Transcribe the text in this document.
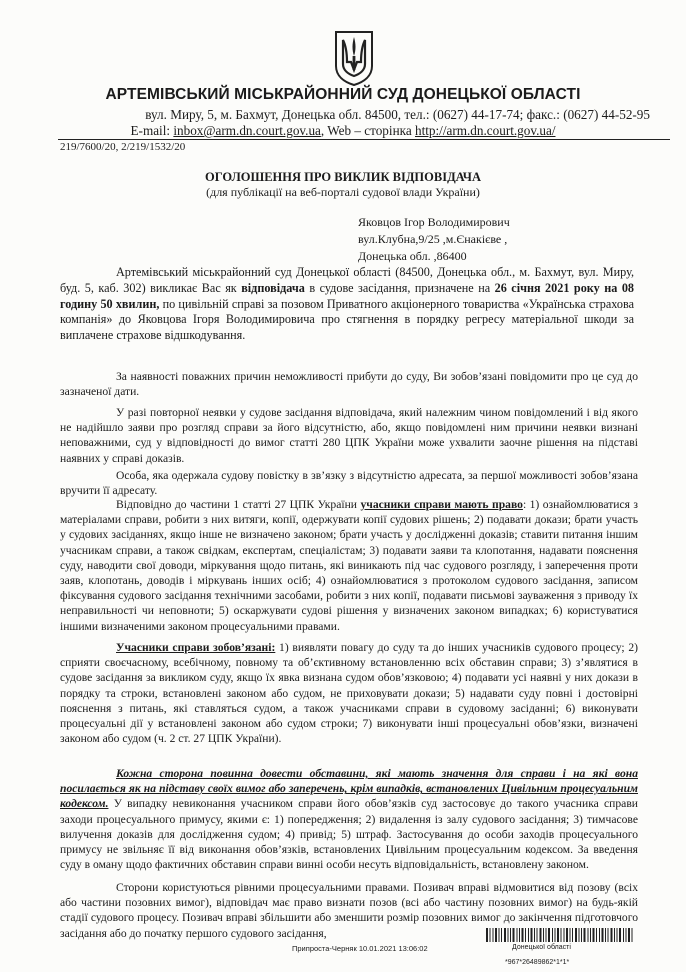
АРТЕМІВСЬКИЙ МІСЬКРАЙОННИЙ СУД ДОНЕЦЬКОЇ ОБЛАСТІ
вул. Миру, 5, м. Бахмут, Донецька обл. 84500, тел.: (0627) 44-17-74; факс.: (0627) 44-52-95
E-mail: inbox@arm.dn.court.gov.ua, Web – сторінка http://arm.dn.court.gov.ua/
219/7600/20, 2/219/1532/20
ОГОЛОШЕННЯ ПРО ВИКЛИК ВІДПОВІДАЧА
(для публікації на веб-порталі судової влади України)
Яковцов Ігор Володимирович
вул.Клубна,9/25 ,м.Єнакієве ,
Донецька обл. ,86400

Артемівський міськрайонний суд Донецької області (84500, Донецька обл., м. Бахмут, вул. Миру, буд. 5, каб. 302) викликає Вас як відповідача в судове засідання, призначене на 26 січня 2021 року на 08 годину 50 хвилин, по цивільній справі за позовом Приватного акціонерного товариства «Українська страхова компанія» до Яковцова Ігоря Володимировича про стягнення в порядку регресу матеріальної шкоди за виплачене страхове відшкодування.

За наявності поважних причин неможливості прибути до суду, Ви зобов’язані повідомити про це суд до зазначеної дати.

У разі повторної неявки у судове засідання відповідача, який належним чином повідомлений і від якого не надійшло заяви про розгляд справи за його відсутністю, або, якщо повідомлені ним причини неявки визнані неповажними, суд у відповідності до вимог статті 280 ЦПК України може ухвалити заочне рішення на підставі наявних у справі доказів.

Особа, яка одержала судову повістку в зв’язку з відсутністю адресата, за першої можливості зобов’язана вручити її адресату.

Відповідно до частини 1 статті 27 ЦПК України учасники справи мають право: 1) ознайомлюватися з матеріалами справи, робити з них витяги, копії, одержувати копії судових рішень; 2) подавати докази; брати участь у судових засіданнях, якщо інше не визначено законом; брати участь у дослідженні доказів; ставити питання іншим учасникам справи, а також свідкам, експертам, спеціалістам; 3) подавати заяви та клопотання, надавати пояснення суду, наводити свої доводи, міркування щодо питань, які виникають під час судового розгляду, і заперечення проти заяв, клопотань, доводів і міркувань інших осіб; 4) ознайомлюватися з протоколом судового засідання, записом фіксування судового засідання технічними засобами, робити з них копії, подавати письмові зауваження з приводу їх неправильності чи неповноти; 5) оскаржувати судові рішення у визначених законом випадках; 6) користуватися іншими визначеними законом процесуальними правами.

Учасники справи зобов’язані: 1) виявляти повагу до суду та до інших учасників судового процесу; 2) сприяти своєчасному, всебічному, повному та об’єктивному встановленню всіх обставин справи; 3) з’являтися в судове засідання за викликом суду, якщо їх явка визнана судом обов’язковою; 4) подавати усі наявні у них докази в порядку та строки, встановлені законом або судом, не приховувати докази; 5) надавати суду повні і достовірні пояснення з питань, які ставляться судом, а також учасниками справи в судовому засіданні; 6) виконувати процесуальні дії у встановлені законом або судом строки; 7) виконувати інші процесуальні обов’язки, визначені законом або судом (ч. 2 ст. 27 ЦПК України).

Кожна сторона повинна довести обставини, які мають значення для справи і на які вона посилається як на підставу своїх вимог або заперечень, крім випадків, встановлених Цивільним процесуальним кодексом. У випадку невиконання учасником справи його обов’язків суд застосовує до такого учасника справи заходи процесуального примусу, якими є: 1) попередження; 2) видалення із залу судового засідання; 3) тимчасове вилучення доказів для дослідження судом; 4) привід; 5) штраф. Застосування до особи заходів процесуального примусу не звільняє її від виконання обов’язків, встановлених Цивільним процесуальним кодексом. За введення суду в оману щодо фактичних обставин справи винні особи несуть відповідальність, встановлену законом.

Сторони користуються рівними процесуальними правами. Позивач вправі відмовитися від позову (всіх або частини позовних вимог), відповідач має право визнати позов (всі або частину позовних вимог) на будь-якій стадії судового процесу. Позивач вправі збільшити або зменшити розмір позовних вимог до закінчення підготовчого засідання або до початку першого судового засідання,

Припроста-Черняк 10.01.2021 13:06:02	Донецької області
*967*26489862*1*1*
